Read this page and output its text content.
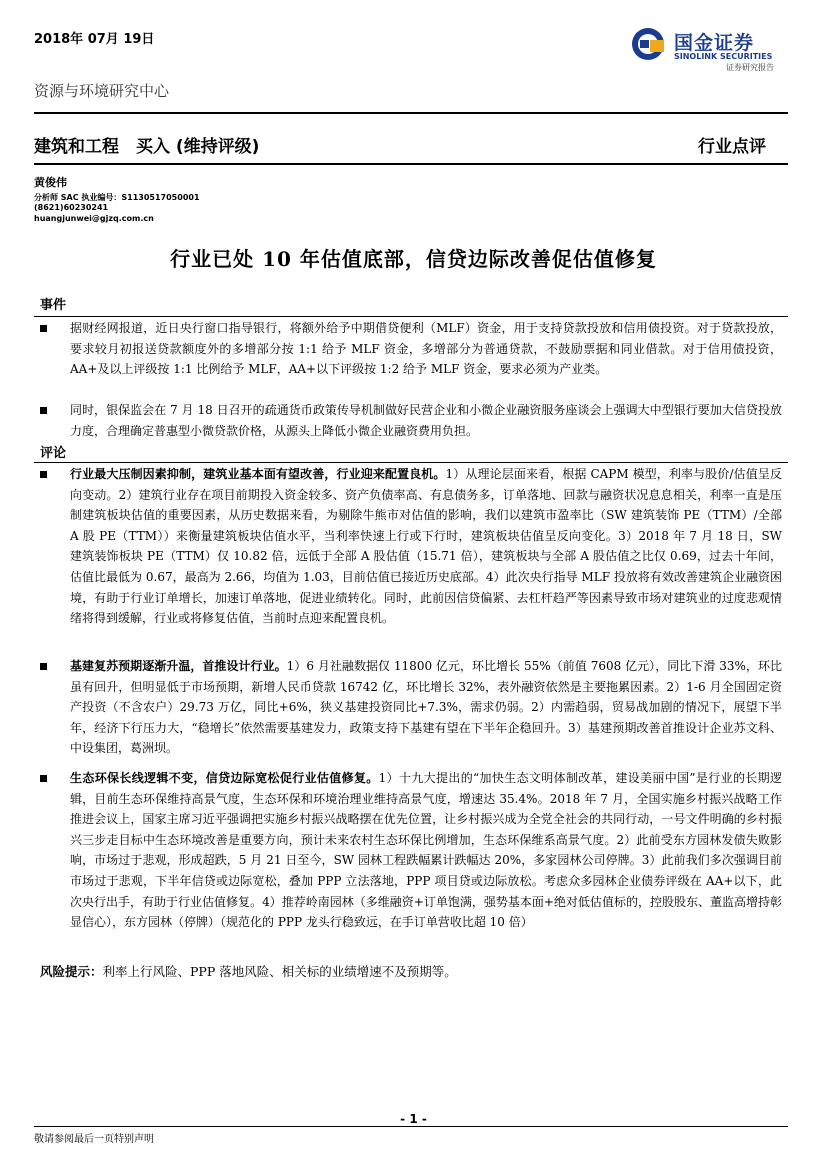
2018年 07月 19日	国金证券
SINOLINK SECURITIES
证券研究报告
资源与环境研究中心
建筑和工程　买入 (维持评级)	行业点评
黄俊伟
分析师 SAC 执业编号：S1130517050001
(8621)60230241
huangjunwei@gjzq.com.cn
行业已处 10 年估值底部，信贷边际改善促估值修复
事件
据财经网报道，近日央行窗口指导银行，将额外给予中期借贷便利（MLF）资金，用于支持贷款投放和信用债投资。对于贷款投放，要求较月初报送贷款额度外的多增部分按 1:1 给予 MLF 资金，多增部分为普通贷款，不鼓励票据和同业借款。对于信用债投资，AA+及以上评级按 1:1 比例给予 MLF，AA+以下评级按 1:2 给予 MLF 资金，要求必须为产业类。
同时，银保监会在 7 月 18 日召开的疏通货币政策传导机制做好民营企业和小微企业融资服务座谈会上强调大中型银行要加大信贷投放力度，合理确定普惠型小微贷款价格，从源头上降低小微企业融资费用负担。
评论
行业最大压制因素抑制，建筑业基本面有望改善，行业迎来配置良机。1）从理论层面来看，根据 CAPM 模型，利率与股价/估值呈反向变动。2）建筑行业存在项目前期投入资金较多、资产负债率高、有息债务多，订单落地、回款与融资状况息息相关，利率一直是压制建筑板块估值的重要因素，从历史数据来看，为剔除牛熊市对估值的影响，我们以建筑市盈率比（SW 建筑装饰 PE（TTM）/全部 A 股 PE（TTM））来衡量建筑板块估值水平，当利率快速上行或下行时，建筑板块估值呈反向变化。3）2018 年 7 月 18 日，SW 建筑装饰板块 PE（TTM）仅 10.82 倍，远低于全部 A 股估值（15.71 倍），建筑板块与全部 A 股估值之比仅 0.69，过去十年间，估值比最低为 0.67，最高为 2.66，均值为 1.03，目前估值已接近历史底部。4）此次央行指导 MLF 投放将有效改善建筑企业融资困境，有助于行业订单增长，加速订单落地，促进业绩转化。同时，此前因信贷偏紧、去杠杆趋严等因素导致市场对建筑业的过度悲观情绪将得到缓解，行业或将修复估值，当前时点迎来配置良机。
基建复苏预期逐渐升温，首推设计行业。1）6 月社融数据仅 11800 亿元，环比增长 55%（前值 7608 亿元），同比下滑 33%，环比虽有回升，但明显低于市场预期，新增人民币贷款 16742 亿，环比增长 32%，表外融资依然是主要拖累因素。2）1-6 月全国固定资产投资（不含农户）29.73 万亿，同比+6%，狭义基建投资同比+7.3%，需求仍弱。2）内需趋弱，贸易战加剧的情况下，展望下半年，经济下行压力大，“稳增长”依然需要基建发力，政策支持下基建有望在下半年企稳回升。3）基建预期改善首推设计企业苏文科、中设集团，葛洲坝。
生态环保长线逻辑不变，信贷边际宽松促行业估值修复。1）十九大提出的“加快生态文明体制改革，建设美丽中国”是行业的长期逻辑，目前生态环保维持高景气度，生态环保和环境治理业维持高景气度，增速达 35.4%。2018 年 7 月，全国实施乡村振兴战略工作推进会议上，国家主席习近平强调把实施乡村振兴战略摆在优先位置，让乡村振兴成为全党全社会的共同行动，一号文件明确的乡村振兴三步走目标中生态环境改善是重要方向，预计未来农村生态环保比例增加，生态环保维系高景气度。2）此前受东方园林发债失败影响，市场过于悲观，形成超跌，5 月 21 日至今，SW 园林工程跌幅累计跌幅达 20%，多家园林公司停牌。3）此前我们多次强调目前市场过于悲观，下半年信贷或边际宽松，叠加 PPP 立法落地，PPP 项目贷或边际放松。考虑众多园林企业债券评级在 AA+以下，此次央行出手，有助于行业估值修复。4）推荐岭南园林（多维融资+订单饱满，强势基本面+绝对低估值标的，控股股东、董监高增持彰显信心），东方园林（停牌）（规范化的 PPP 龙头行稳致远，在手订单营收比超 10 倍）
风险提示：利率上行风险、PPP 落地风险、相关标的业绩增速不及预期等。
- 1 -
敬请参阅最后一页特别声明
